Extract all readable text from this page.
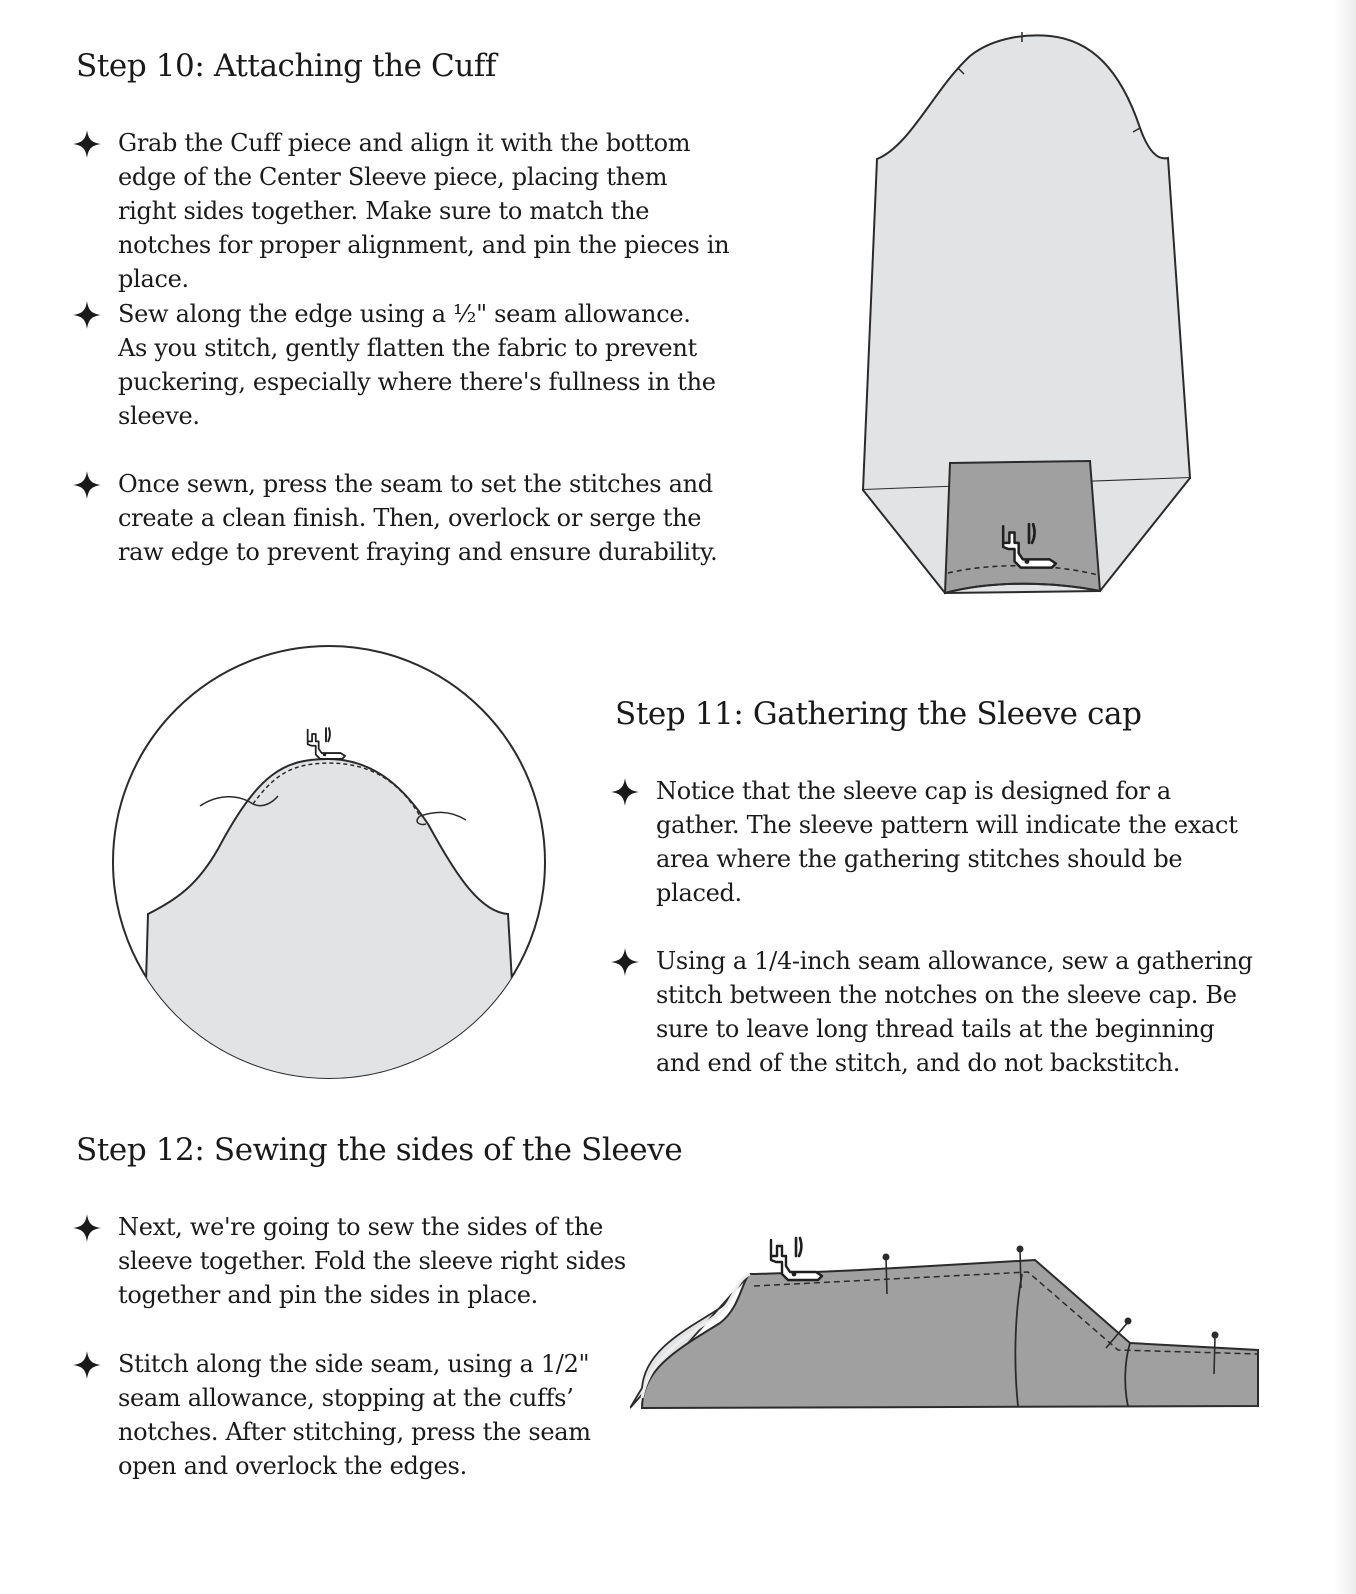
Step 10: Attaching the Cuff

Grab the Cuff piece and align it with the bottom edge of the Center Sleeve piece, placing them right sides together. Make sure to match the notches for proper alignment, and pin the pieces in place.

Sew along the edge using a ½" seam allowance. As you stitch, gently flatten the fabric to prevent puckering, especially where there's fullness in the sleeve.

Once sewn, press the seam to set the stitches and create a clean finish. Then, overlock or serge the raw edge to prevent fraying and ensure durability.

Step 11: Gathering the Sleeve cap

Notice that the sleeve cap is designed for a gather. The sleeve pattern will indicate the exact area where the gathering stitches should be placed.

Using a 1/4-inch seam allowance, sew a gathering stitch between the notches on the sleeve cap. Be sure to leave long thread tails at the beginning and end of the stitch, and do not backstitch.

Step 12: Sewing the sides of the Sleeve

Next, we're going to sew the sides of the sleeve together. Fold the sleeve right sides together and pin the sides in place.

Stitch along the side seam, using a 1/2" seam allowance, stopping at the cuffs’ notches. After stitching, press the seam open and overlock the edges.
